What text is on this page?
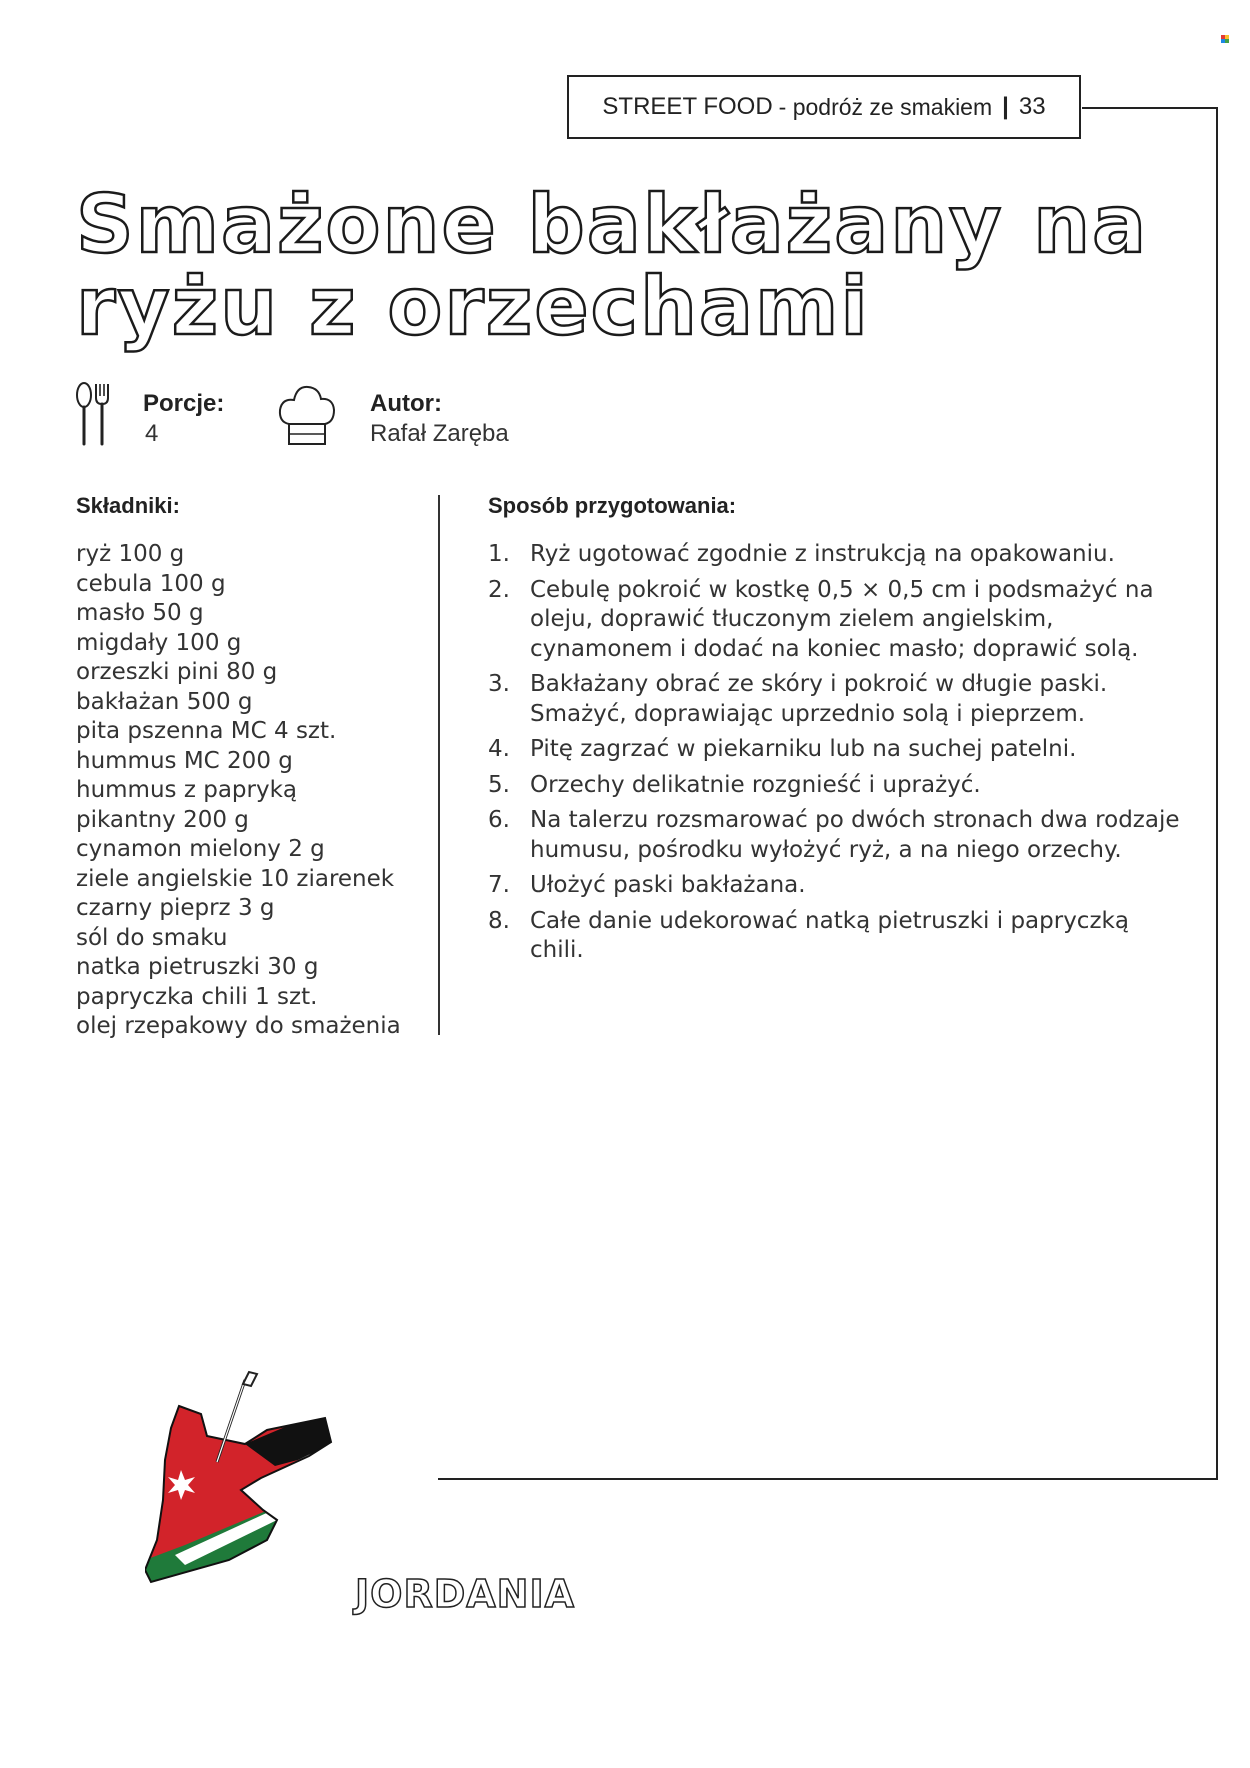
STREET FOOD - podróż ze smakiem | 33
Smażone bakłażany na
ryżu z orzechami
Porcje:
4
Autor:
Rafał Zaręba
Składniki:
ryż 100 g
cebula 100 g
masło 50 g
migdały 100 g
orzeszki pini 80 g
bakłażan 500 g
pita pszenna MC 4 szt.
hummus MC 200 g
hummus z papryką
pikantny 200 g
cynamon mielony 2 g
ziele angielskie 10 ziarenek
czarny pieprz 3 g
sól do smaku
natka pietruszki 30 g
papryczka chili 1 szt.
olej rzepakowy do smażenia
Sposób przygotowania:
1. Ryż ugotować zgodnie z instrukcją na opakowaniu.
2. Cebulę pokroić w kostkę 0,5 × 0,5 cm i podsmażyć na oleju, doprawić tłuczonym zielem angielskim, cynamonem i dodać na koniec masło; doprawić solą.
3. Bakłażany obrać ze skóry i pokroić w długie paski. Smażyć, doprawiając uprzednio solą i pieprzem.
4. Pitę zagrzać w piekarniku lub na suchej patelni.
5. Orzechy delikatnie rozgnieść i uprażyć.
6. Na talerzu rozsmarować po dwóch stronach dwa rodzaje humusu, pośrodku wyłożyć ryż, a na niego orzechy.
7. Ułożyć paski bakłażana.
8. Całe danie udekorować natką pietruszki i papryczką chili.
JORDANIA
